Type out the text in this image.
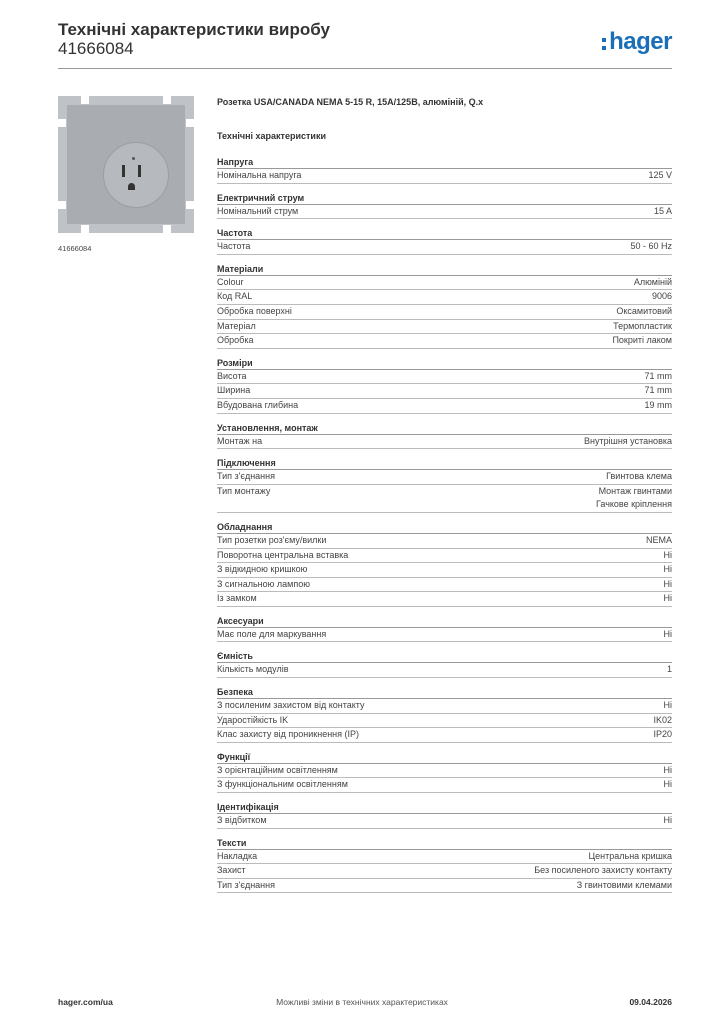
Технічні характеристики виробу
41666084	hager
41666084
Розетка USA/CANADA NEMA 5-15 R, 15A/125B, алюміній, Q.x
Технічні характеристики
Напруга
Номінальна напруга	125 V
Електричний струм
Номінальний струм	15 A
Частота
Частота	50 - 60 Hz
Матеріали
Colour	Алюміній
Код RAL	9006
Обробка поверхні	Оксамитовий
Матеріал	Термопластик
Обробка	Покриті лаком
Розміри
Висота	71 mm
Ширина	71 mm
Вбудована глибина	19 mm
Установлення, монтаж
Монтаж на	Внутрішня установка
Підключення
Тип з'єднання	Гвинтова клема
Тип монтажу	Монтаж гвинтами
Гачкове кріплення
Обладнання
Тип розетки роз'єму/вилки	NEMA
Поворотна центральна вставка	Ні
З відкидною кришкою	Ні
З сигнальною лампою	Ні
Із замком	Ні
Аксесуари
Має поле для маркування	Ні
Ємність
Кількість модулів	1
Безпека
З посиленим захистом від контакту	Ні
Ударостійкість IK	IK02
Клас захисту від проникнення (IP)	IP20
Функції
З орієнтаційним освітленням	Ні
З функціональним освітленням	Ні
Ідентифікація
З відбитком	Ні
Тексти
Накладка	Центральна кришка
Захист	Без посиленого захисту контакту
Тип з'єднання	З гвинтовими клемами
hager.com/ua	Можливі зміни в технічних характеристиках	09.04.2026
